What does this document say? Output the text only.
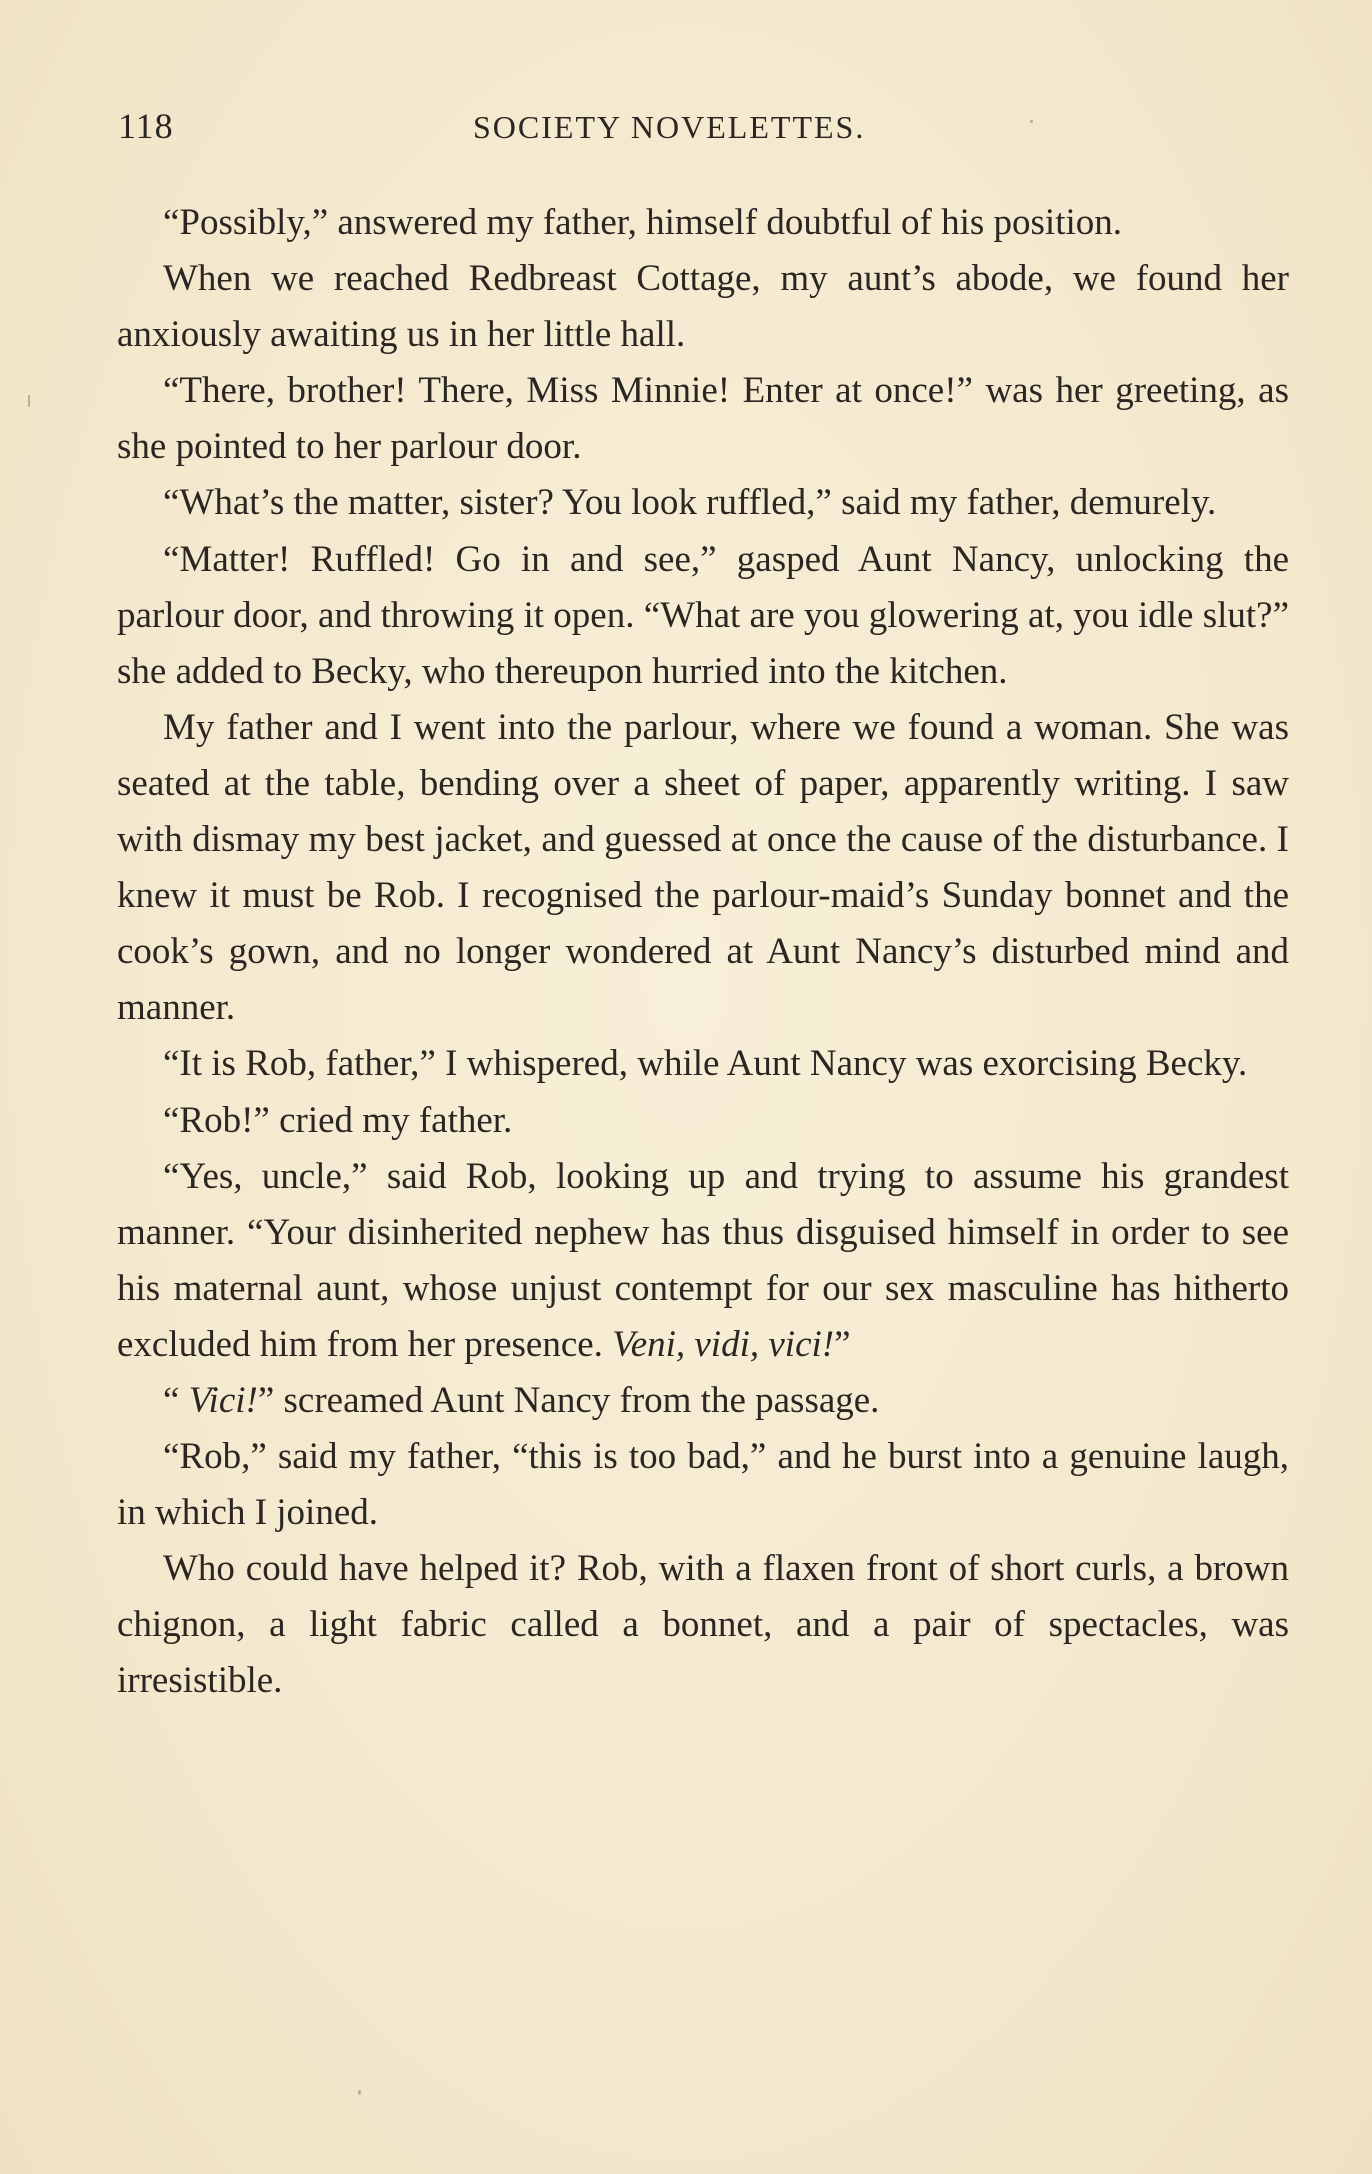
118	SOCIETY NOVELETTES.

“Possibly,” answered my father, himself doubtful of his position.

When we reached Redbreast Cottage, my aunt’s abode, we found her anxiously awaiting us in her little hall.

“There, brother! There, Miss Minnie! Enter at once!” was her greeting, as she pointed to her parlour door.

“What’s the matter, sister? You look ruffled,” said my father, demurely.

“Matter! Ruffled! Go in and see,” gasped Aunt Nancy, unlocking the parlour door, and throwing it open. “What are you glowering at, you idle slut?” she added to Becky, who thereupon hurried into the kitchen.

My father and I went into the parlour, where we found a woman. She was seated at the table, bending over a sheet of paper, apparently writing. I saw with dismay my best jacket, and guessed at once the cause of the disturbance. I knew it must be Rob. I recognised the parlour-maid’s Sunday bonnet and the cook’s gown, and no longer wondered at Aunt Nancy’s disturbed mind and manner.

“It is Rob, father,” I whispered, while Aunt Nancy was exorcising Becky.

“Rob!” cried my father.

“Yes, uncle,” said Rob, looking up and trying to assume his grandest manner. “Your disinherited nephew has thus disguised himself in order to see his maternal aunt, whose unjust contempt for our sex masculine has hitherto excluded him from her presence. Veni, vidi, vici!”

“ Vici!” screamed Aunt Nancy from the passage.

“Rob,” said my father, “this is too bad,” and he burst into a genuine laugh, in which I joined.

Who could have helped it? Rob, with a flaxen front of short curls, a brown chignon, a light fabric called a bonnet, and a pair of spectacles, was irresistible.
